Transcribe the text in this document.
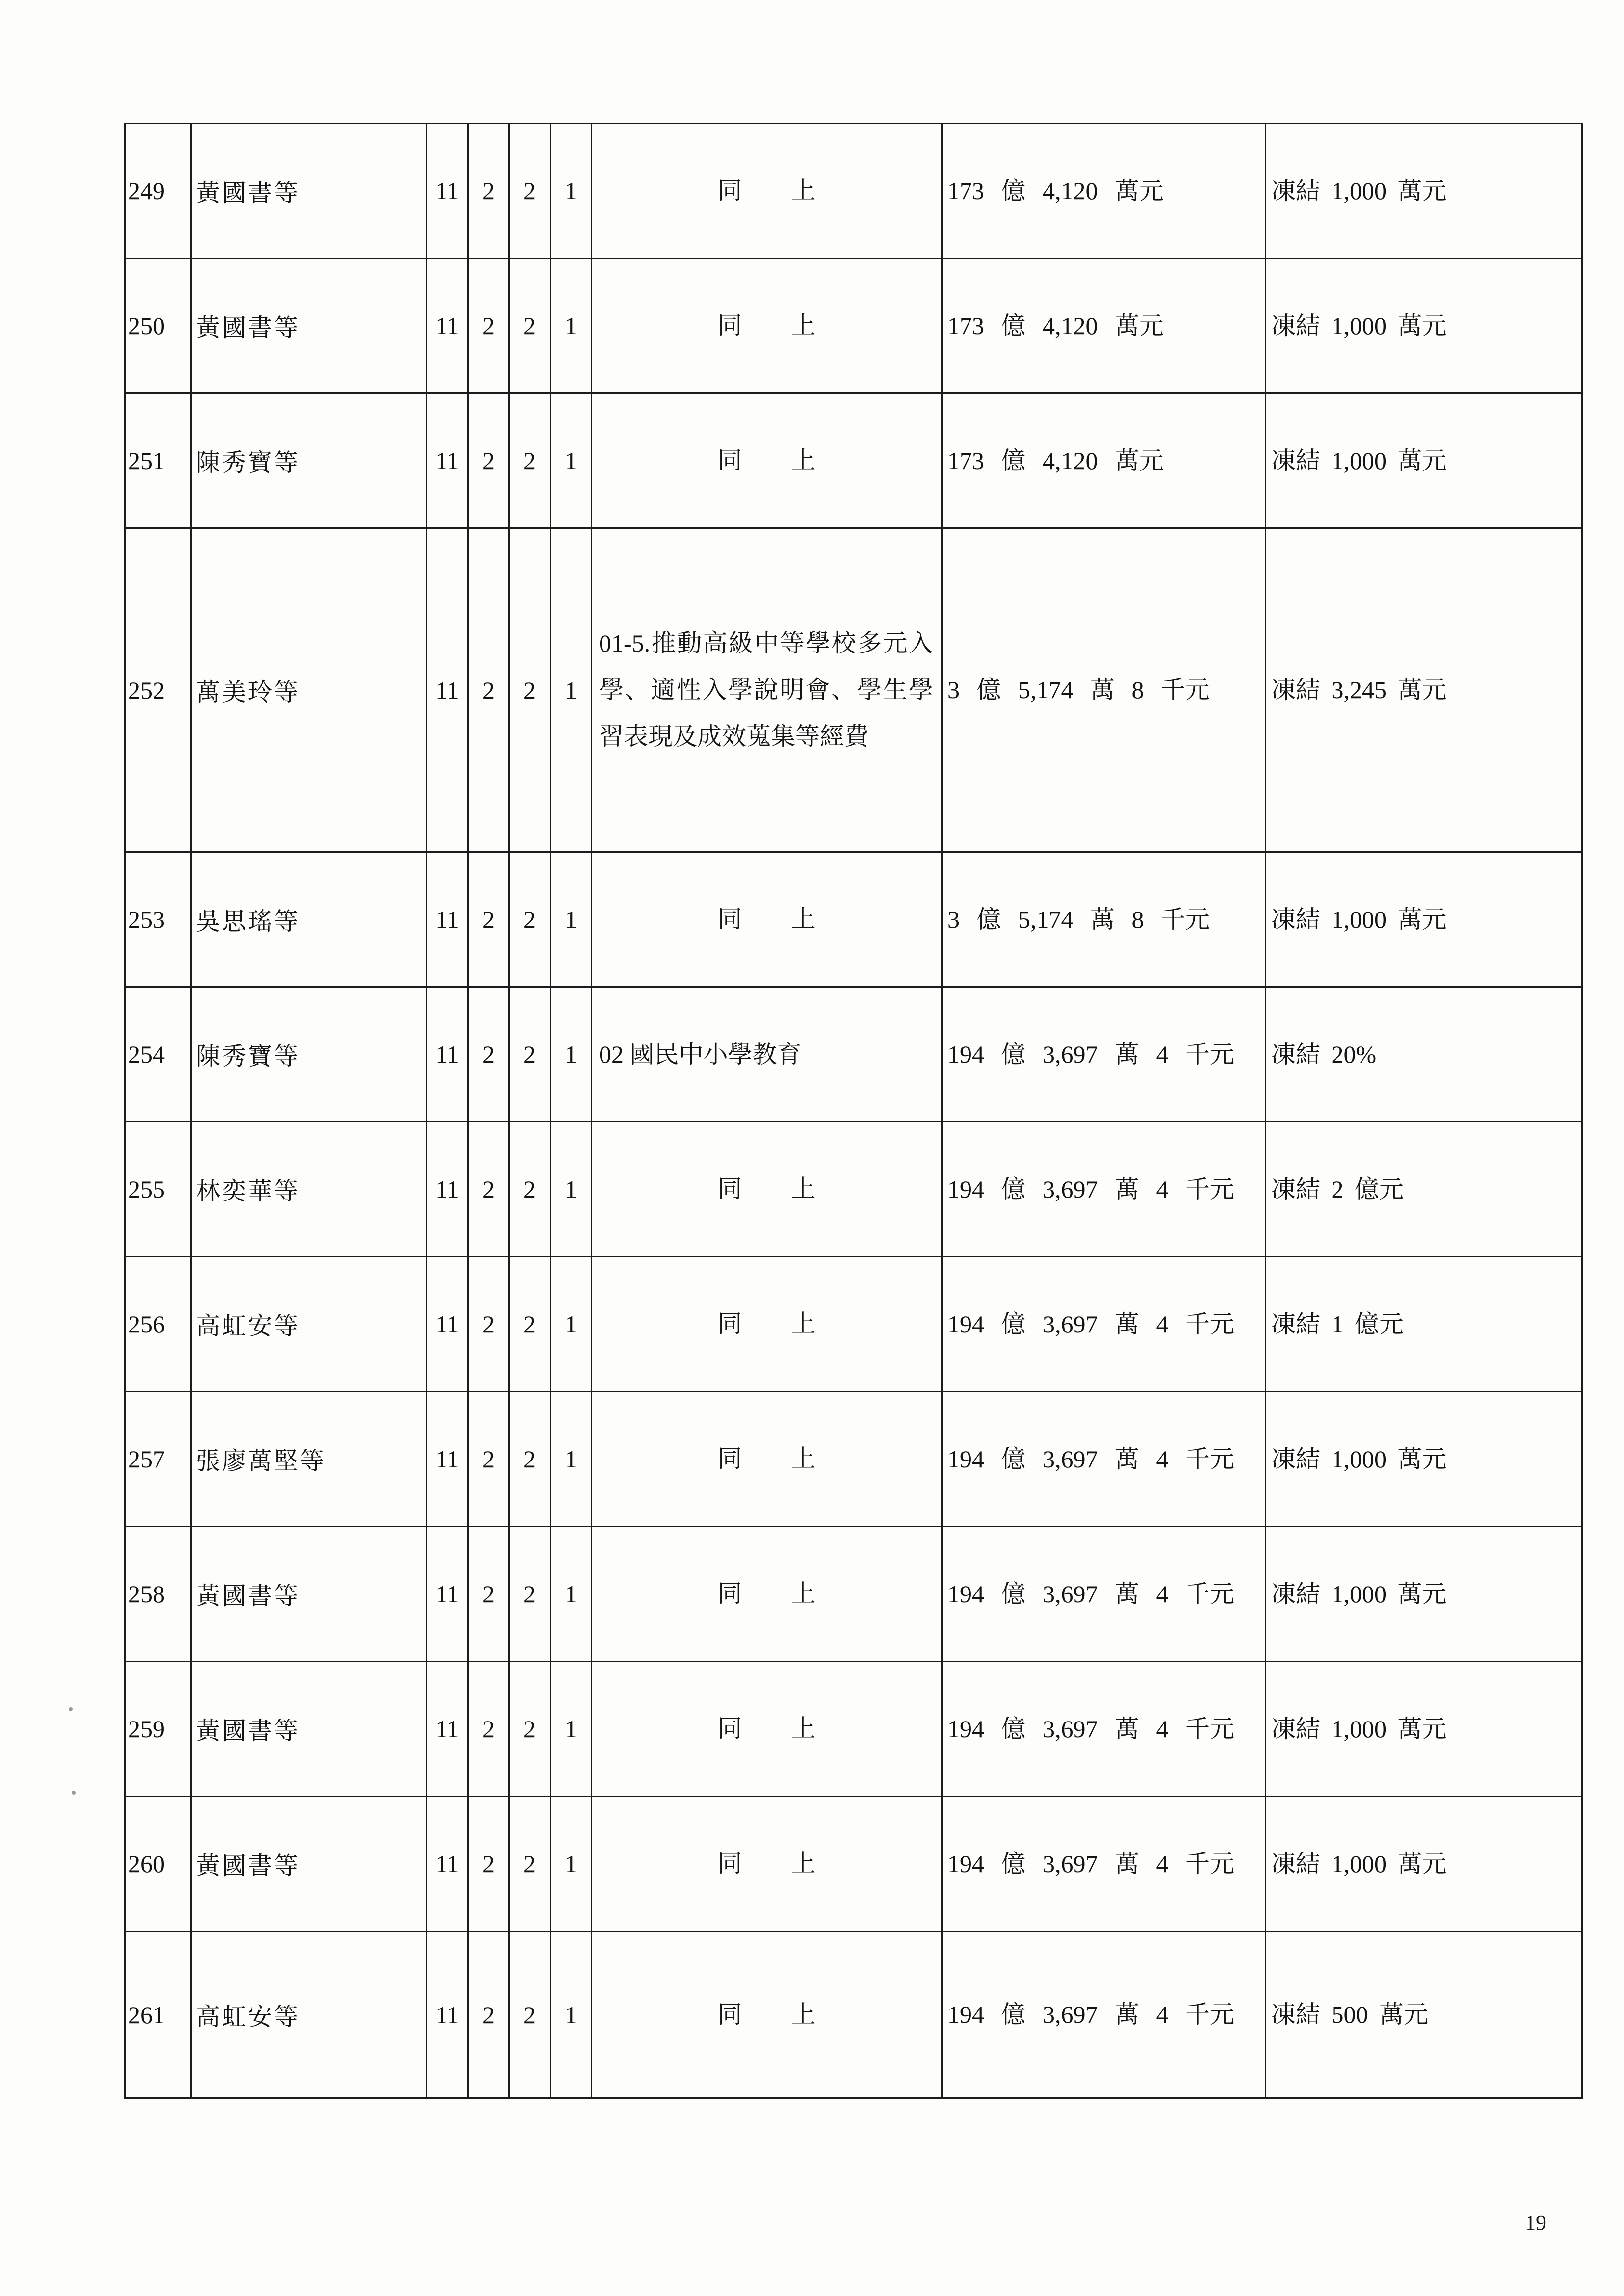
249	黃國書等	11	2	2	1	同　　上	173 億 4,120 萬元	凍結 1,000 萬元
250	黃國書等	11	2	2	1	同　　上	173 億 4,120 萬元	凍結 1,000 萬元
251	陳秀寶等	11	2	2	1	同　　上	173 億 4,120 萬元	凍結 1,000 萬元
252	萬美玲等	11	2	2	1	01-5.推動高級中等學校多元入學、適性入學說明會、學生學習表現及成效蒐集等經費	3 億 5,174 萬 8 千元	凍結 3,245 萬元
253	吳思瑤等	11	2	2	1	同　　上	3 億 5,174 萬 8 千元	凍結 1,000 萬元
254	陳秀寶等	11	2	2	1	02 國民中小學教育	194 億 3,697 萬 4 千元	凍結 20%
255	林奕華等	11	2	2	1	同　　上	194 億 3,697 萬 4 千元	凍結 2 億元
256	高虹安等	11	2	2	1	同　　上	194 億 3,697 萬 4 千元	凍結 1 億元
257	張廖萬堅等	11	2	2	1	同　　上	194 億 3,697 萬 4 千元	凍結 1,000 萬元
258	黃國書等	11	2	2	1	同　　上	194 億 3,697 萬 4 千元	凍結 1,000 萬元
259	黃國書等	11	2	2	1	同　　上	194 億 3,697 萬 4 千元	凍結 1,000 萬元
260	黃國書等	11	2	2	1	同　　上	194 億 3,697 萬 4 千元	凍結 1,000 萬元
261	高虹安等	11	2	2	1	同　　上	194 億 3,697 萬 4 千元	凍結 500 萬元
19
